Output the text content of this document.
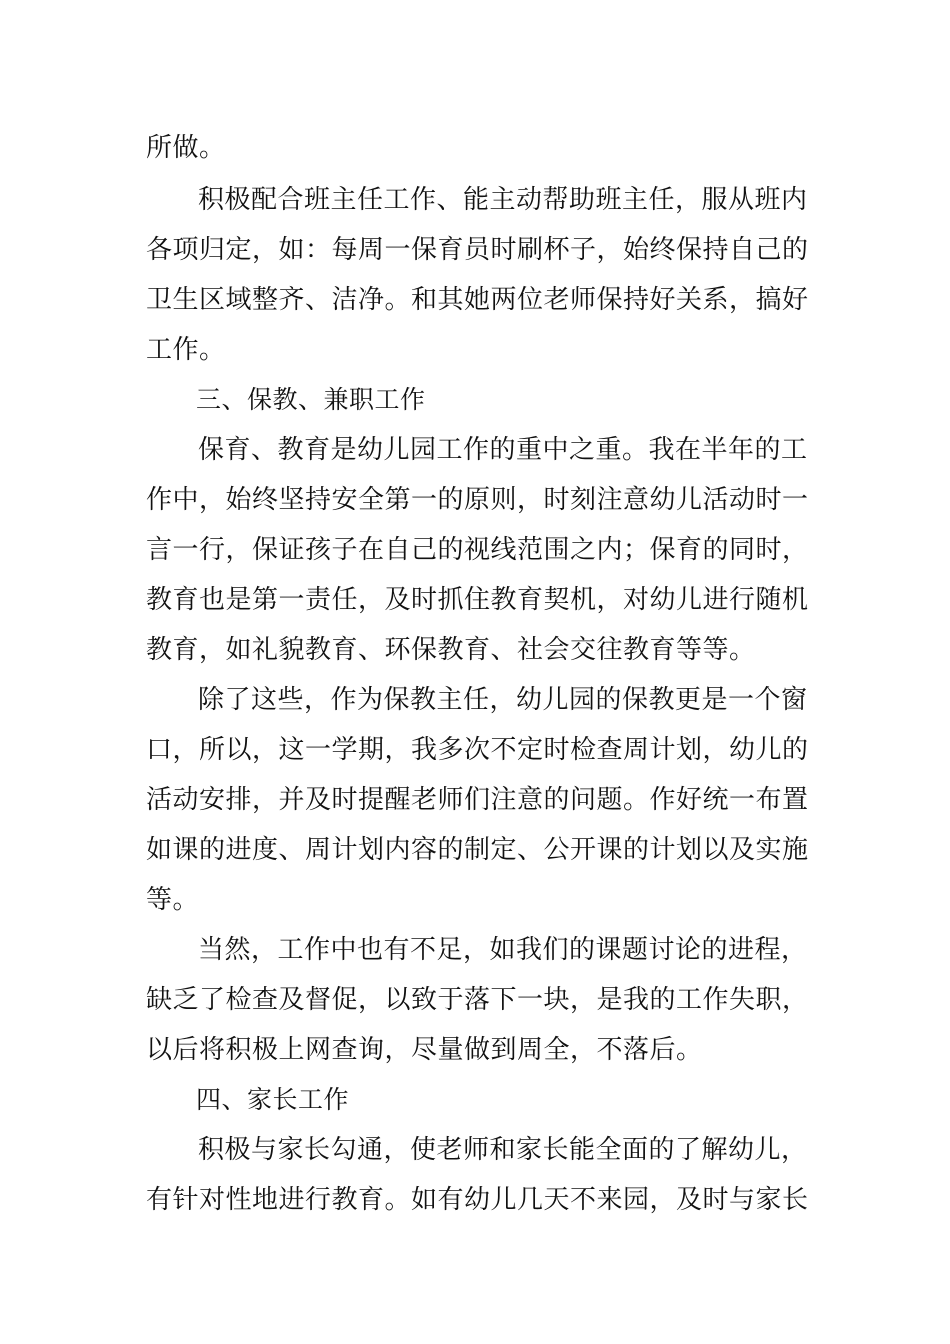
所做。
积极配合班主任工作、能主动帮助班主任，服从班内
各项归定，如：每周一保育员时刷杯子，始终保持自己的
卫生区域整齐、洁净。和其她两位老师保持好关系，搞好
工作。
三、保教、兼职工作
保育、教育是幼儿园工作的重中之重。我在半年的工
作中，始终坚持安全第一的原则，时刻注意幼儿活动时一
言一行，保证孩子在自己的视线范围之内；保育的同时，
教育也是第一责任，及时抓住教育契机，对幼儿进行随机
教育，如礼貌教育、环保教育、社会交往教育等等。
除了这些，作为保教主任，幼儿园的保教更是一个窗
口，所以，这一学期，我多次不定时检查周计划，幼儿的
活动安排，并及时提醒老师们注意的问题。作好统一布置
如课的进度、周计划内容的制定、公开课的计划以及实施
等。
当然，工作中也有不足，如我们的课题讨论的进程，
缺乏了检查及督促，以致于落下一块，是我的工作失职，
以后将积极上网查询，尽量做到周全，不落后。
四、家长工作
积极与家长勾通，使老师和家长能全面的了解幼儿，
有针对性地进行教育。如有幼儿几天不来园，及时与家长
